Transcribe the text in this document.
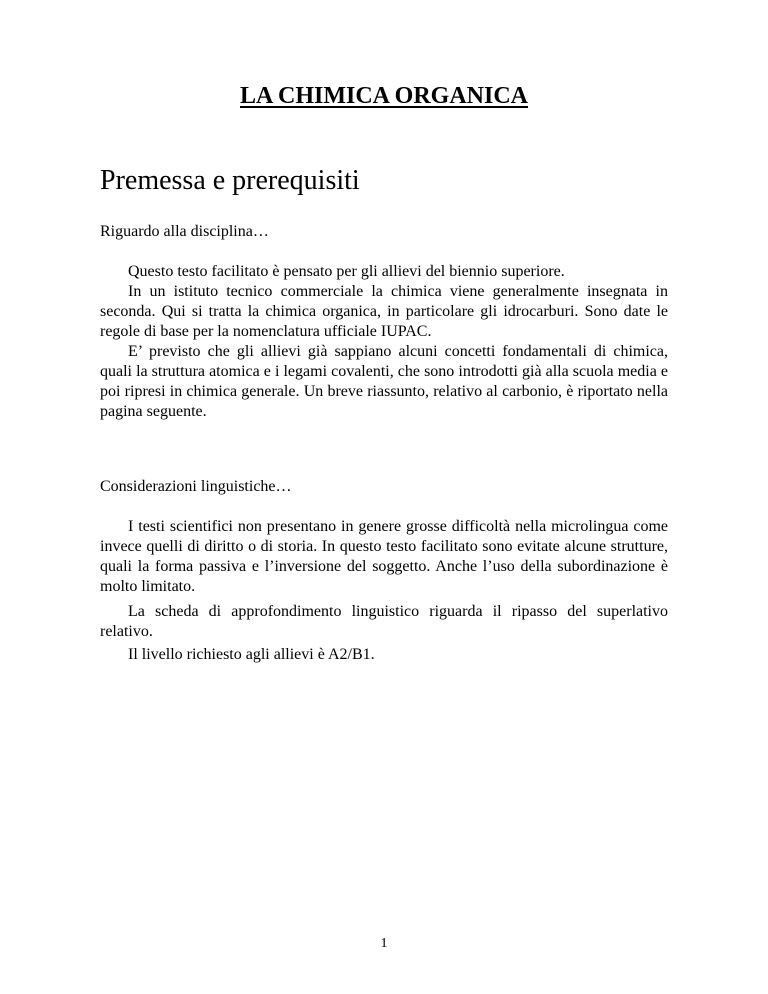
LA CHIMICA ORGANICA
Premessa e prerequisiti
Riguardo alla disciplina…

Questo testo facilitato è pensato per gli allievi del biennio superiore.

In un istituto tecnico commerciale la chimica viene generalmente insegnata in seconda. Qui si tratta la chimica organica, in particolare gli idrocarburi. Sono date le regole di base per la nomenclatura ufficiale IUPAC.

E’ previsto che gli allievi già sappiano alcuni concetti fondamentali di chimica, quali la struttura atomica e i legami covalenti, che sono introdotti già alla scuola media e poi ripresi in chimica generale. Un breve riassunto, relativo al carbonio, è riportato nella pagina seguente.

Considerazioni linguistiche…

I testi scientifici non presentano in genere grosse difficoltà nella microlingua come invece quelli di diritto o di storia. In questo testo facilitato sono evitate alcune strutture, quali la forma passiva e l’inversione del soggetto. Anche l’uso della subordinazione è molto limitato.

La scheda di approfondimento linguistico riguarda il ripasso del superlativo relativo.

Il livello richiesto agli allievi è A2/B1.

1
